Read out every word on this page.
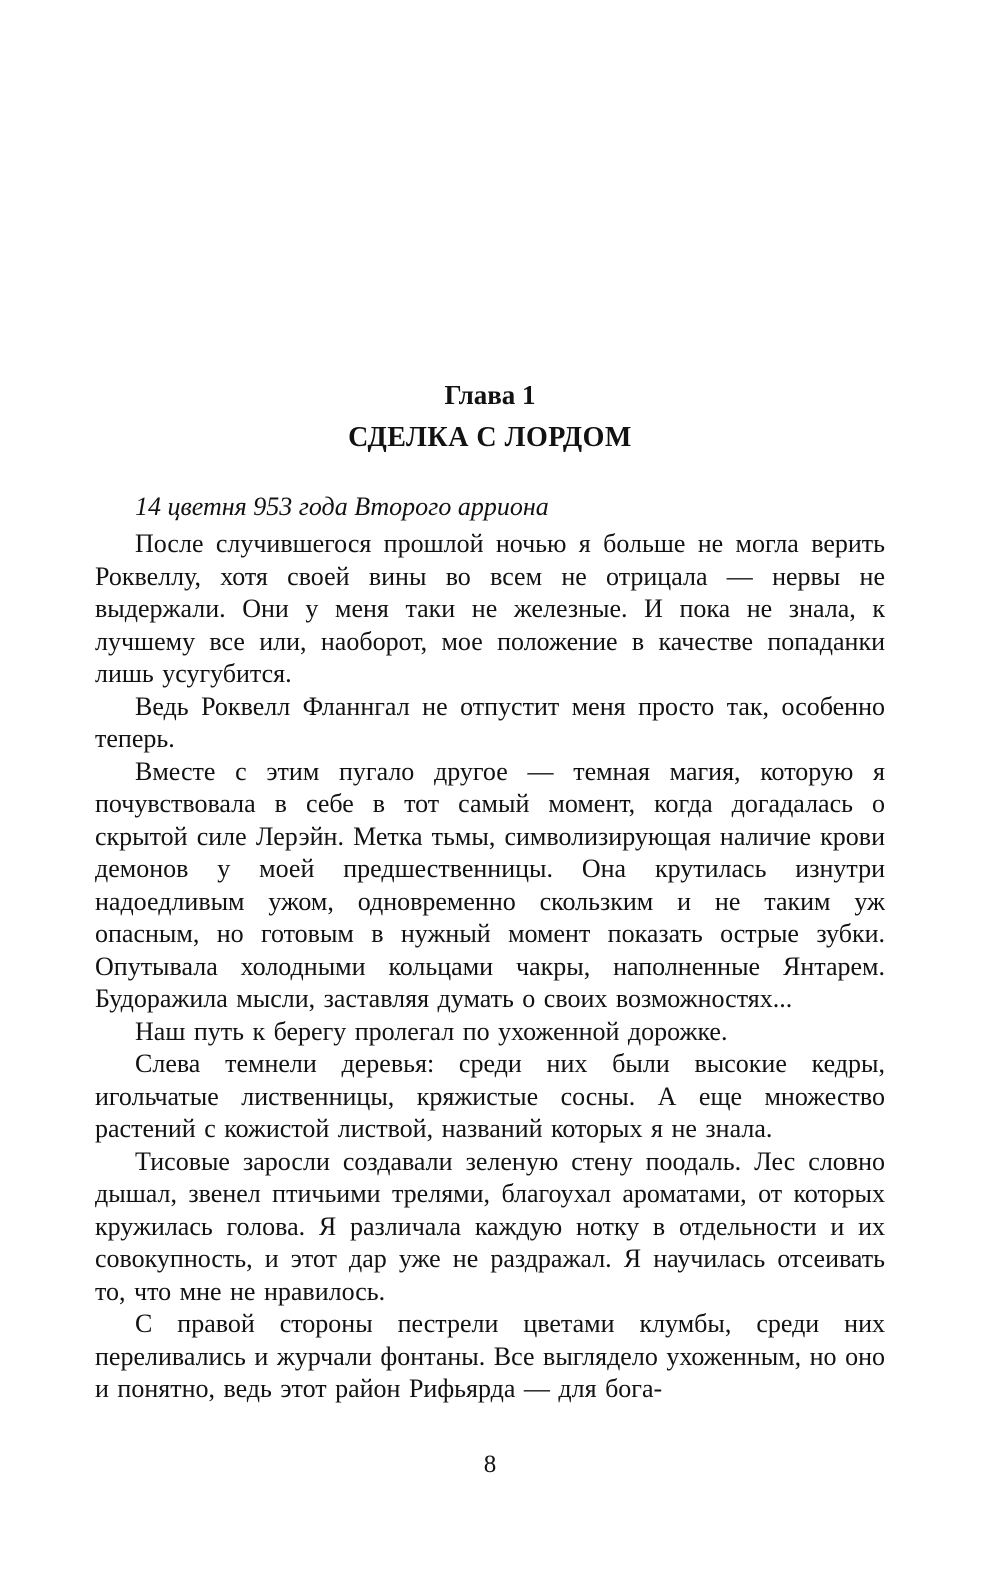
Глава 1
СДЕЛКА С ЛОРДОМ

14 цветня 953 года Второго арриона

После случившегося прошлой ночью я больше не могла верить Роквеллу, хотя своей вины во всем не отрицала — нервы не выдержали. Они у меня таки не железные. И пока не знала, к лучшему все или, наоборот, мое положение в качестве попаданки лишь усугубится.

Ведь Роквелл Фланнгал не отпустит меня просто так, особенно теперь.

Вместе с этим пугало другое — темная магия, которую я почувствовала в себе в тот самый момент, когда догадалась о скрытой силе Лерэйн. Метка тьмы, символизирующая наличие крови демонов у моей предшественницы. Она крутилась изнутри надоедливым ужом, одновременно скользким и не таким уж опасным, но готовым в нужный момент показать острые зубки. Опутывала холодными кольцами чакры, наполненные Янтарем. Будоражила мысли, заставляя думать о своих возможностях...

Наш путь к берегу пролегал по ухоженной дорожке.

Слева темнели деревья: среди них были высокие кедры, игольчатые лиственницы, кряжистые сосны. А еще множество растений с кожистой листвой, названий которых я не знала.

Тисовые заросли создавали зеленую стену поодаль. Лес словно дышал, звенел птичьими трелями, благоухал ароматами, от которых кружилась голова. Я различала каждую нотку в отдельности и их совокупность, и этот дар уже не раздражал. Я научилась отсеивать то, что мне не нравилось.

С правой стороны пестрели цветами клумбы, среди них переливались и журчали фонтаны. Все выглядело ухоженным, но оно и понятно, ведь этот район Рифьярда — для бога-

8
